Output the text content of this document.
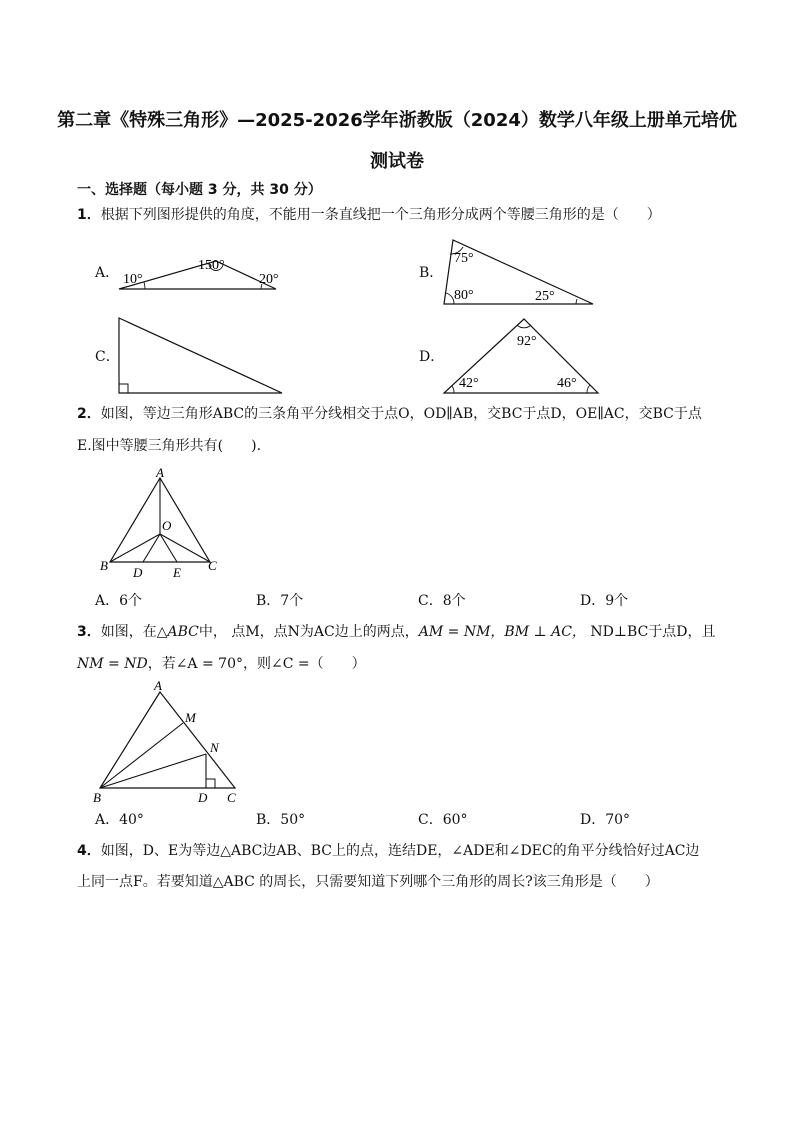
第二章《特殊三角形》—2025-2026学年浙教版（2024）数学八年级上册单元培优
测试卷
一、选择题（每小题 3 分，共 30 分）
1．根据下列图形提供的角度，不能用一条直线把一个三角形分成两个等腰三角形的是（　　）
A．	B．
C．	D．
10°
150°
20°
75°
80°	25°
92°
42°	46°
2．如图，等边三角形ABC的三条角平分线相交于点O，OD∥AB，交BC于点D，OE∥AC，交BC于点
E.图中等腰三角形共有(　　).
A
O
B D E C
A．6个	B．7个	C．8个	D．9个
3．如图，在△ABC中， 点M，点N为AC边上的两点，AM = NM，BM ⊥ AC， ND⊥BC于点D，且
NM = ND，若∠A = 70°，则∠C =（　　）
A
M
N
B	D C
A．40°	B．50°	C．60°	D．70°
4．如图，D、E为等边△ABC边AB、BC上的点，连结DE，∠ADE和∠DEC的角平分线恰好过AC边
上同一点F。若要知道△ABC 的周长，只需要知道下列哪个三角形的周长?该三角形是（　　）
